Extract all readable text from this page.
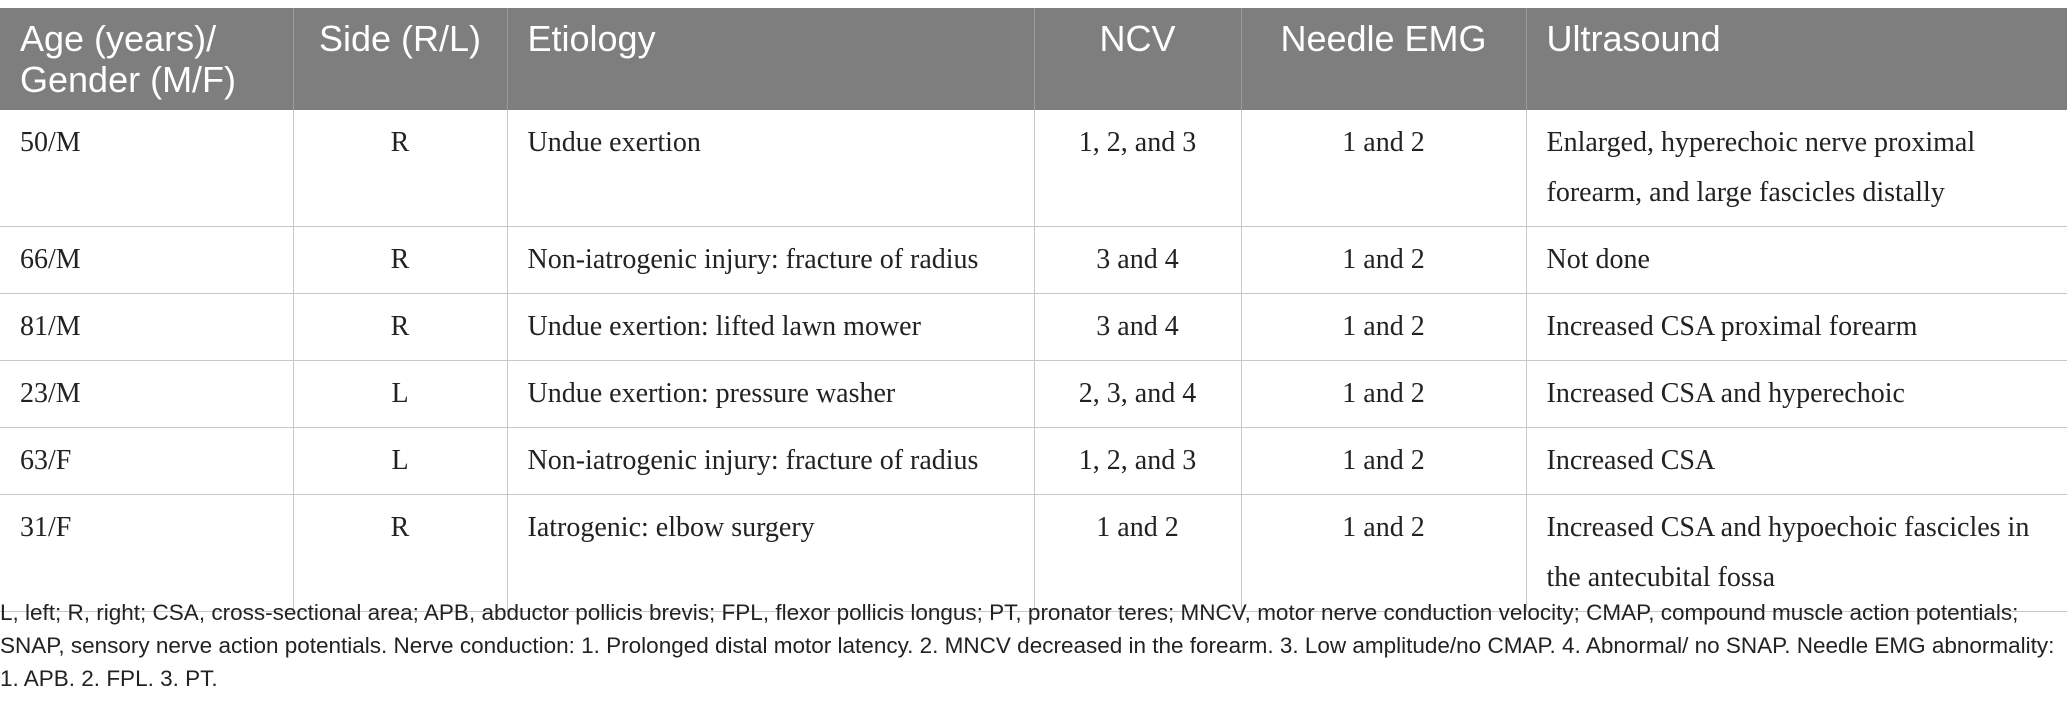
Age (years)/ Gender (M/F)	Side (R/L)	Etiology	NCV	Needle EMG	Ultrasound
50/M	R	Undue exertion	1, 2, and 3	1 and 2	Enlarged, hyperechoic nerve proximal forearm, and large fascicles distally
66/M	R	Non-iatrogenic injury: fracture of radius	3 and 4	1 and 2	Not done
81/M	R	Undue exertion: lifted lawn mower	3 and 4	1 and 2	Increased CSA proximal forearm
23/M	L	Undue exertion: pressure washer	2, 3, and 4	1 and 2	Increased CSA and hyperechoic
63/F	L	Non-iatrogenic injury: fracture of radius	1, 2, and 3	1 and 2	Increased CSA
31/F	R	Iatrogenic: elbow surgery	1 and 2	1 and 2	Increased CSA and hypoechoic fascicles in the antecubital fossa
L, left; R, right; CSA, cross-sectional area; APB, abductor pollicis brevis; FPL, flexor pollicis longus; PT, pronator teres; MNCV, motor nerve conduction velocity; CMAP, compound muscle action potentials; SNAP, sensory nerve action potentials. Nerve conduction: 1. Prolonged distal motor latency. 2. MNCV decreased in the forearm. 3. Low amplitude/no CMAP. 4. Abnormal/ no SNAP. Needle EMG abnormality: 1. APB. 2. FPL. 3. PT.
